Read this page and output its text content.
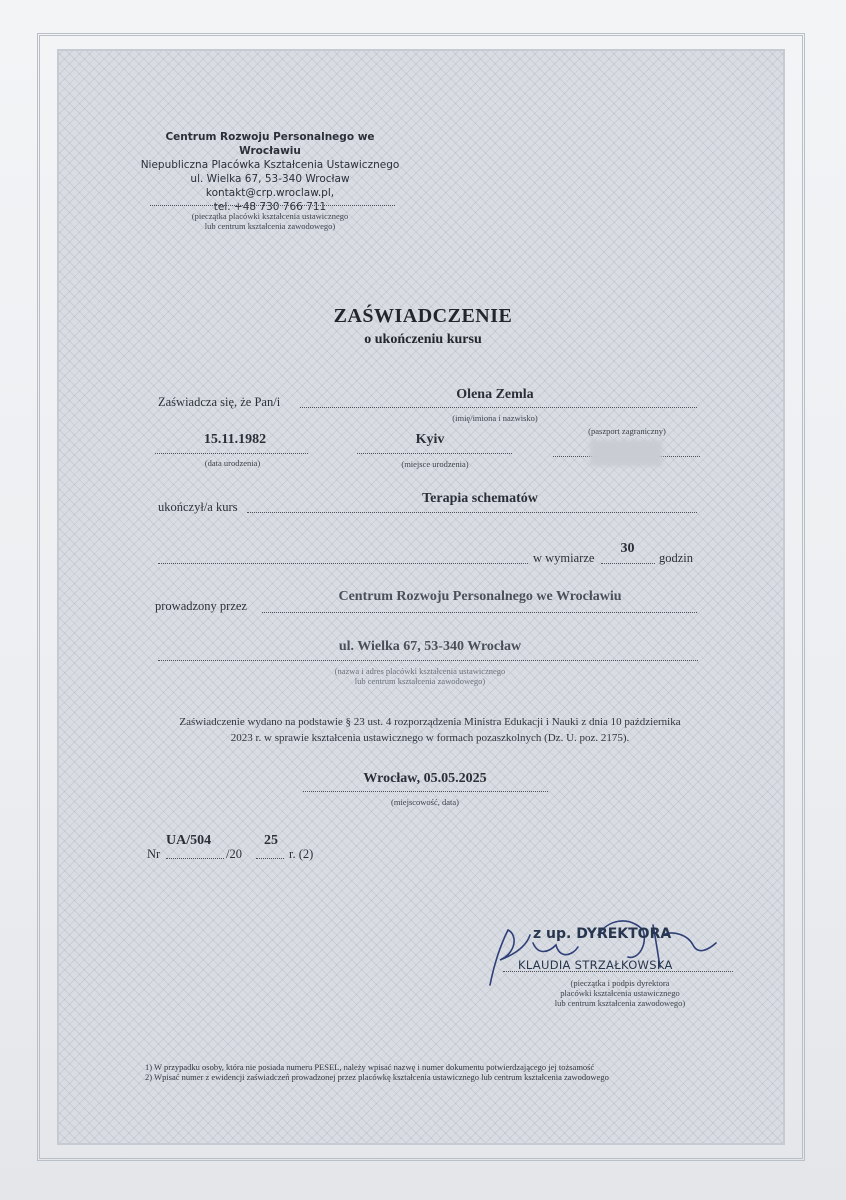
Centrum Rozwoju Personalnego we Wrocławiu
Niepubliczna Placówka Kształcenia Ustawicznego
ul. Wielka 67, 53-340 Wrocław
kontakt@crp.wroclaw.pl,
tel. +48 730 766 711
(pieczątka placówki kształcenia ustawicznego
lub centrum kształcenia zawodowego)
ZAŚWIADCZENIE
o ukończeniu kursu
Zaświadcza się, że Pan/i	Olena Zemla
(imię/imiona i nazwisko)
15.11.1982
(data urodzenia)
Kyiv
(miejsce urodzenia)
(paszport zagraniczny)
ukończył/a kurs
Terapia schematów
w wymiarze
30
godzin
prowadzony przez
Centrum Rozwoju Personalnego we Wrocławiu
ul. Wielka 67, 53-340 Wrocław
(nazwa i adres placówki kształcenia ustawicznego
lub centrum kształcenia zawodowego)
Zaświadczenie wydano na podstawie § 23 ust. 4 rozporządzenia Ministra Edukacji i Nauki z dnia 10 października
2023 r. w sprawie kształcenia ustawicznego w formach pozaszkolnych (Dz. U. poz. 2175).
Wrocław, 05.05.2025
(miejscowość, data)
Nr
UA/504
/20
25
r. (2)
z up. DYREKTORA
KLAUDIA STRZAŁKOWSKA
(pieczątka i podpis dyrektora
placówki kształcenia ustawicznego
lub centrum kształcenia zawodowego)
1) W przypadku osoby, która nie posiada numeru PESEL, należy wpisać nazwę i numer dokumentu potwierdzającego jej tożsamość
2) Wpisać numer z ewidencji zaświadczeń prowadzonej przez placówkę kształcenia ustawicznego lub centrum kształcenia zawodowego
